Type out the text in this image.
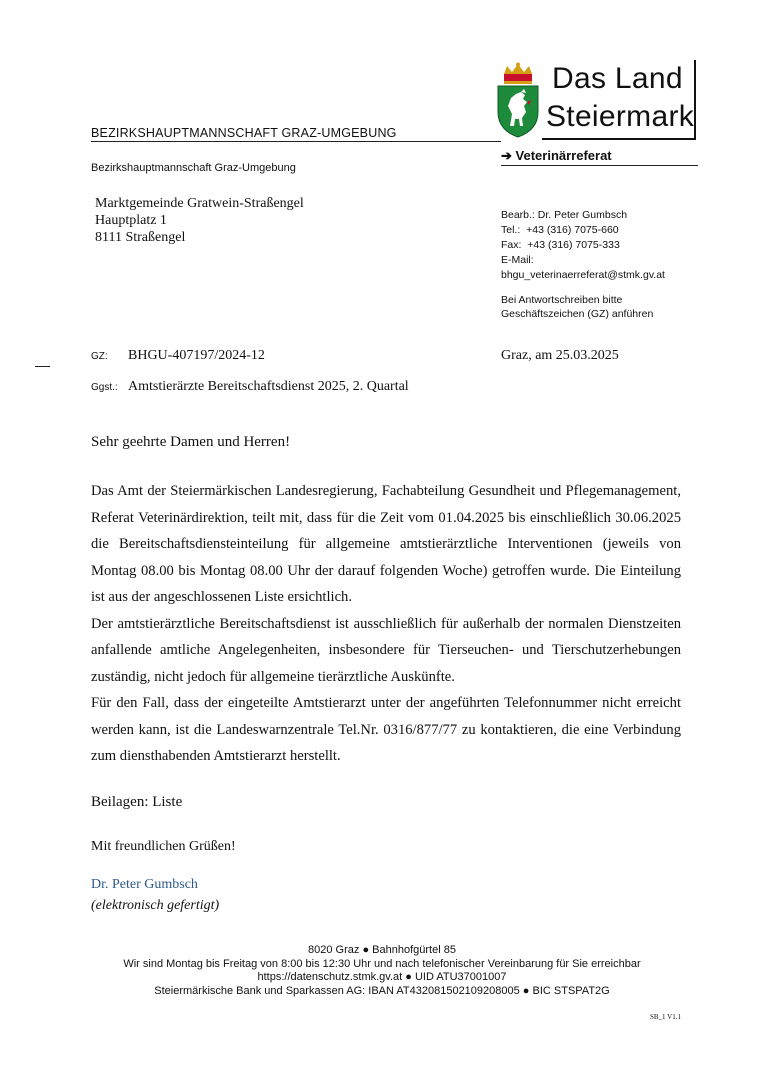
BEZIRKSHAUPTMANNSCHAFT GRAZ-UMGEBUNG
Bezirkshauptmannschaft Graz-Umgebung
Das Land
Steiermark
➔ Veterinärreferat
Marktgemeinde Gratwein-Straßengel
Hauptplatz 1
8111 Straßengel
Bearb.: Dr. Peter Gumbsch
Tel.:  +43 (316) 7075-660
Fax:  +43 (316) 7075-333
E-Mail:
bhgu_veterinaerreferat@stmk.gv.at
Bei Antwortschreiben bitte
Geschäftszeichen (GZ) anführen
GZ: BHGU-407197/2024-12	Graz, am 25.03.2025
Ggst.: Amtstierärzte Bereitschaftsdienst 2025, 2. Quartal
Sehr geehrte Damen und Herren!

Das Amt der Steiermärkischen Landesregierung, Fachabteilung Gesundheit und Pflegemanagement, Referat Veterinärdirektion, teilt mit, dass für die Zeit vom 01.04.2025 bis einschließlich 30.06.2025 die Bereitschaftsdiensteinteilung für allgemeine amtstierärztliche Interventionen (jeweils von Montag 08.00 bis Montag 08.00 Uhr der darauf folgenden Woche) getroffen wurde. Die Einteilung ist aus der angeschlossenen Liste ersichtlich.

Der amtstierärztliche Bereitschaftsdienst ist ausschließlich für außerhalb der normalen Dienstzeiten anfallende amtliche Angelegenheiten, insbesondere für Tierseuchen- und Tierschutzerhebungen zuständig, nicht jedoch für allgemeine tierärztliche Auskünfte.

Für den Fall, dass der eingeteilte Amtstierarzt unter der angeführten Telefonnummer nicht erreicht werden kann, ist die Landeswarnzentrale Tel.Nr. 0316/877/77 zu kontaktieren, die eine Verbindung zum diensthabenden Amtstierarzt herstellt.

Beilagen: Liste
Mit freundlichen Grüßen!
Dr. Peter Gumbsch
(elektronisch gefertigt)
8020 Graz ● Bahnhofgürtel 85
Wir sind Montag bis Freitag von 8:00 bis 12:30 Uhr und nach telefonischer Vereinbarung für Sie erreichbar
https://datenschutz.stmk.gv.at ● UID ATU37001007
Steiermärkische Bank und Sparkassen AG: IBAN AT432081502109208005 ● BIC STSPAT2G
SB_1 V1.1
